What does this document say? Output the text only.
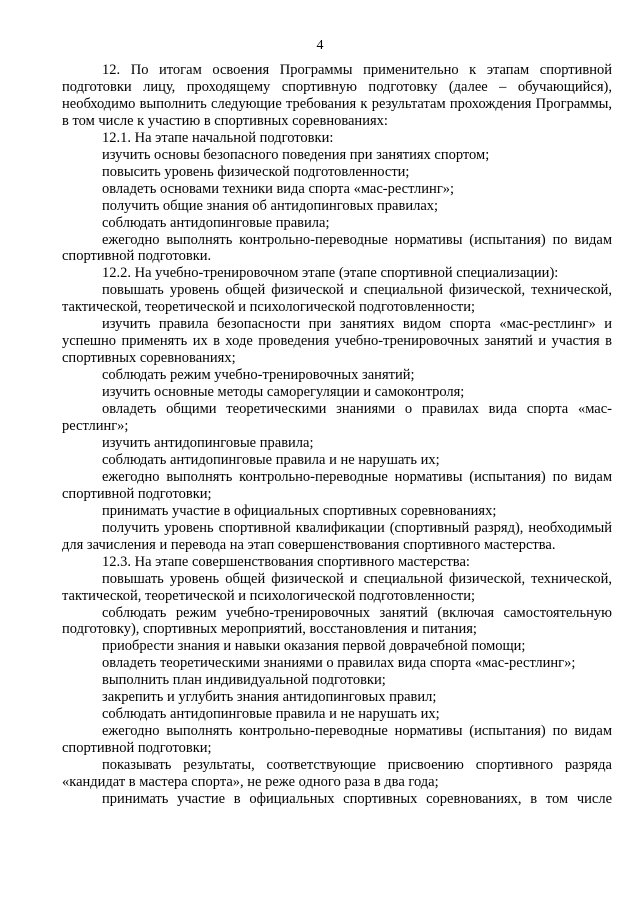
4

12. По итогам освоения Программы применительно к этапам спортивной подготовки лицу, проходящему спортивную подготовку (далее – обучающийся), необходимо выполнить следующие требования к результатам прохождения Программы, в том числе к участию в спортивных соревнованиях:

12.1. На этапе начальной подготовки:

изучить основы безопасного поведения при занятиях спортом;

повысить уровень физической подготовленности;

овладеть основами техники вида спорта «мас-рестлинг»;

получить общие знания об антидопинговых правилах;

соблюдать антидопинговые правила;

ежегодно выполнять контрольно-переводные нормативы (испытания) по видам спортивной подготовки.

12.2. На учебно-тренировочном этапе (этапе спортивной специализации):

повышать уровень общей физической и специальной физической, технической, тактической, теоретической и психологической подготовленности;

изучить правила безопасности при занятиях видом спорта «мас-рестлинг» и успешно применять их в ходе проведения учебно-тренировочных занятий и участия в спортивных соревнованиях;

соблюдать режим учебно-тренировочных занятий;

изучить основные методы саморегуляции и самоконтроля;

овладеть общими теоретическими знаниями о правилах вида спорта «мас-рестлинг»;

изучить антидопинговые правила;

соблюдать антидопинговые правила и не нарушать их;

ежегодно выполнять контрольно-переводные нормативы (испытания) по видам спортивной подготовки;

принимать участие в официальных спортивных соревнованиях;

получить уровень спортивной квалификации (спортивный разряд), необходимый для зачисления и перевода на этап совершенствования спортивного мастерства.

12.3. На этапе совершенствования спортивного мастерства:

повышать уровень общей физической и специальной физической, технической, тактической, теоретической и психологической подготовленности;

соблюдать режим учебно-тренировочных занятий (включая самостоятельную подготовку), спортивных мероприятий, восстановления и питания;

приобрести знания и навыки оказания первой доврачебной помощи;

овладеть теоретическими знаниями о правилах вида спорта «мас-рестлинг»;

выполнить план индивидуальной подготовки;

закрепить и углубить знания антидопинговых правил;

соблюдать антидопинговые правила и не нарушать их;

ежегодно выполнять контрольно-переводные нормативы (испытания) по видам спортивной подготовки;

показывать результаты, соответствующие присвоению спортивного разряда «кандидат в мастера спорта», не реже одного раза в два года;

принимать участие в официальных спортивных соревнованиях, в том числе
